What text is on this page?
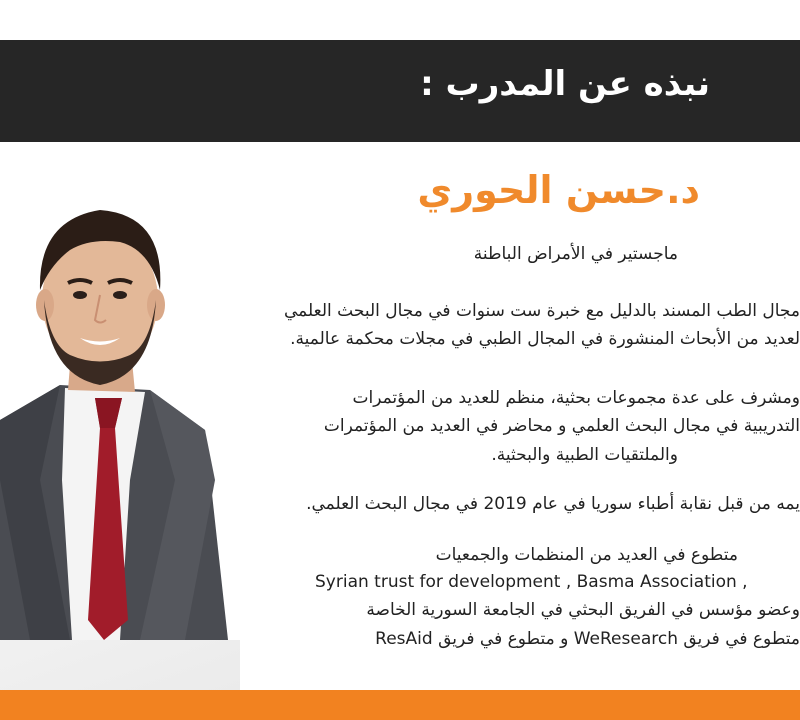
نبذه عن المدرب :
د.حسن الحوري

ماجستير في الأمراض الباطنة

مجال الطب المسند بالدليل مع خبرة ست سنوات في مجال البحث العلمي

لعديد من الأبحاث المنشورة في المجال الطبي في مجلات محكمة عالمية.

ومشرف على عدة مجموعات بحثية، منظم للعديد من المؤتمرات

التدريبية في مجال البحث العلمي و محاضر في العديد من المؤتمرات

والملتقيات الطبية والبحثية.

يمه من قبل نقابة أطباء سوريا في عام 2019 في مجال البحث العلمي.

متطوع في العديد من المنظمات والجمعيات

Syrian trust for development , Basma Association ,

وعضو مؤسس في الفريق البحثي في الجامعة السورية الخاصة

متطوع في فريق WeResearch و متطوع في فريق ResAid
